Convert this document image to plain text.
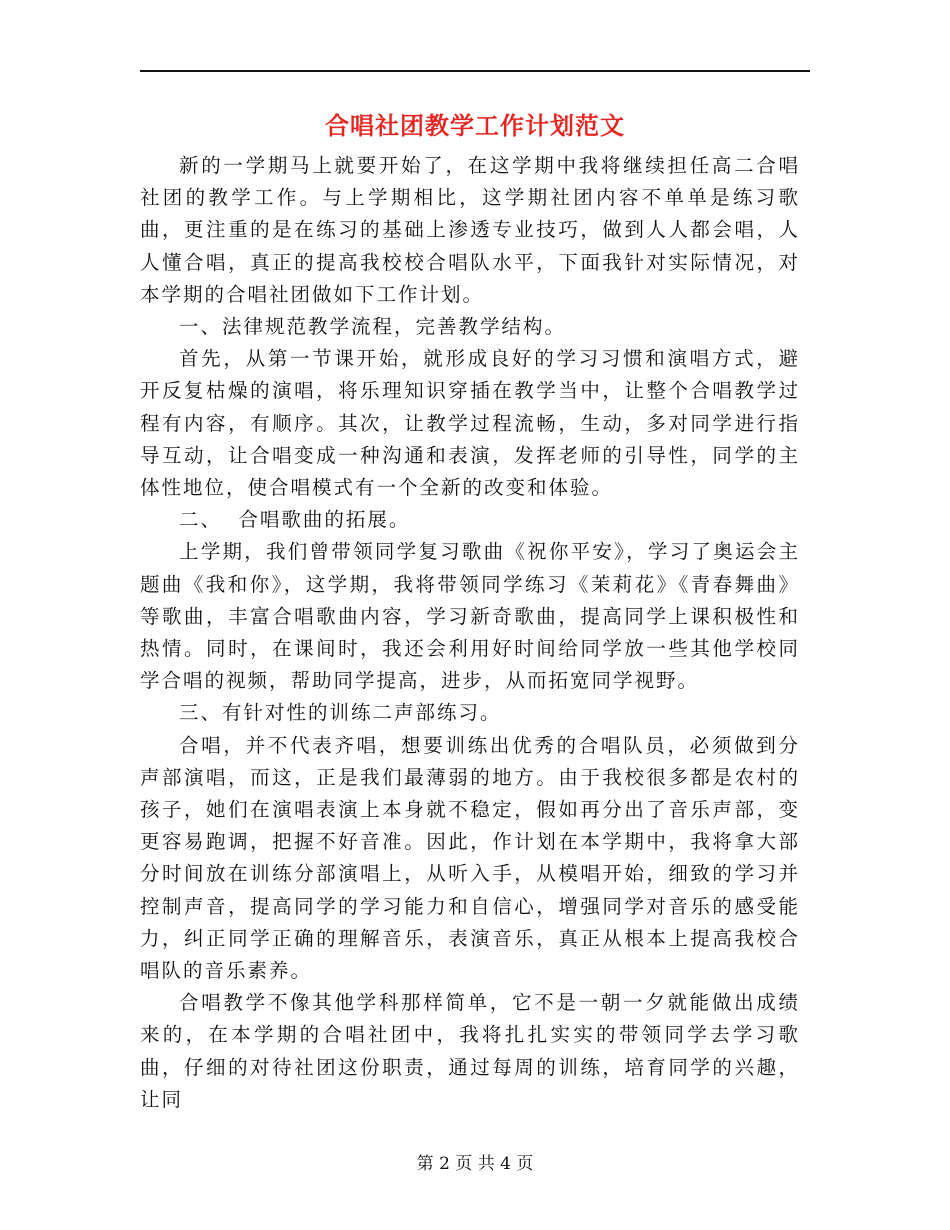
合唱社团教学工作计划范文

新的一学期马上就要开始了，在这学期中我将继续担任高二合唱社团的教学工作。与上学期相比，这学期社团内容不单单是练习歌曲，更注重的是在练习的基础上渗透专业技巧，做到人人都会唱，人人懂合唱，真正的提高我校校合唱队水平，下面我针对实际情况，对本学期的合唱社团做如下工作计划。

一、法律规范教学流程，完善教学结构。

首先，从第一节课开始，就形成良好的学习习惯和演唱方式，避开反复枯燥的演唱，将乐理知识穿插在教学当中，让整个合唱教学过程有内容，有顺序。其次，让教学过程流畅，生动，多对同学进行指导互动，让合唱变成一种沟通和表演，发挥老师的引导性，同学的主体性地位，使合唱模式有一个全新的改变和体验。

二、  合唱歌曲的拓展。

上学期，我们曾带领同学复习歌曲《祝你平安》，学习了奥运会主题曲《我和你》，这学期，我将带领同学练习《茉莉花》《青春舞曲》等歌曲，丰富合唱歌曲内容，学习新奇歌曲，提高同学上课积极性和热情。同时，在课间时，我还会利用好时间给同学放一些其他学校同学合唱的视频，帮助同学提高，进步，从而拓宽同学视野。

三、有针对性的训练二声部练习。

合唱，并不代表齐唱，想要训练出优秀的合唱队员，必须做到分声部演唱，而这，正是我们最薄弱的地方。由于我校很多都是农村的孩子，她们在演唱表演上本身就不稳定，假如再分出了音乐声部，变更容易跑调，把握不好音准。因此，作计划在本学期中，我将拿大部分时间放在训练分部演唱上，从听入手，从模唱开始，细致的学习并控制声音，提高同学的学习能力和自信心，增强同学对音乐的感受能力，纠正同学正确的理解音乐，表演音乐，真正从根本上提高我校合唱队的音乐素养。

合唱教学不像其他学科那样简单，它不是一朝一夕就能做出成绩来的，在本学期的合唱社团中，我将扎扎实实的带领同学去学习歌曲，仔细的对待社团这份职责，通过每周的训练，培育同学的兴趣，让同

第 2 页 共 4 页
